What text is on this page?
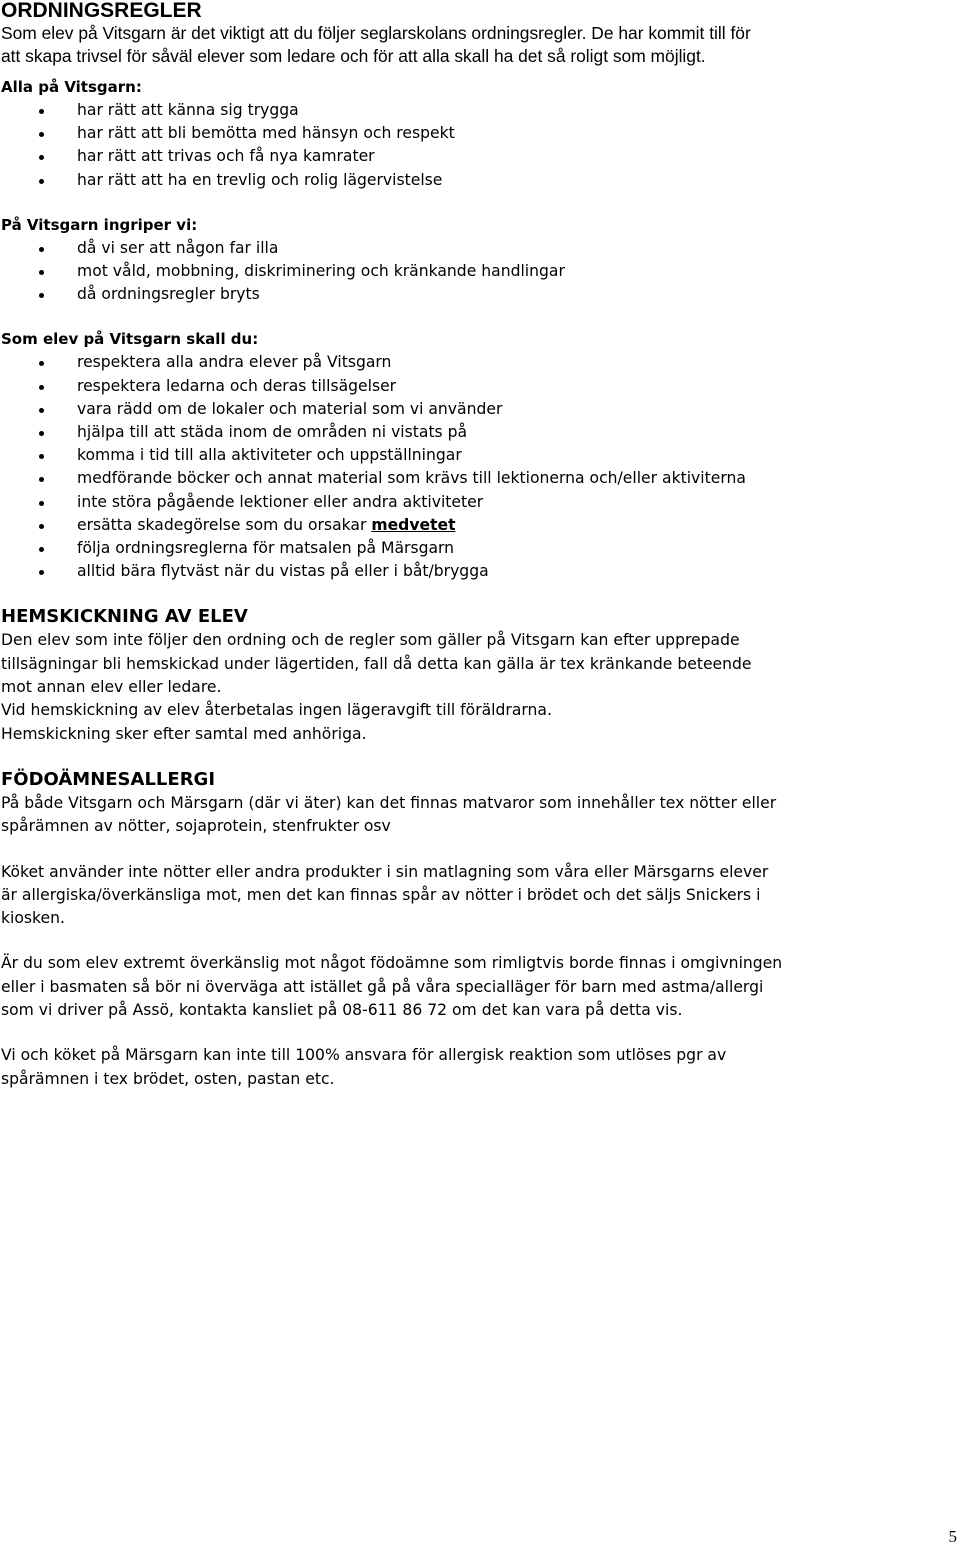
ORDNINGSREGLER
Som elev på Vitsgarn är det viktigt att du följer seglarskolans ordningsregler. De har kommit till för
att skapa trivsel för såväl elever som ledare och för att alla skall ha det så roligt som möjligt.
Alla på Vitsgarn:
har rätt att känna sig trygga
har rätt att bli bemötta med hänsyn och respekt
har rätt att trivas och få nya kamrater
har rätt att ha en trevlig och rolig lägervistelse
På Vitsgarn ingriper vi:
då vi ser att någon far illa
mot våld, mobbning, diskriminering och kränkande handlingar
då ordningsregler bryts
Som elev på Vitsgarn skall du:
respektera alla andra elever på Vitsgarn
respektera ledarna och deras tillsägelser
vara rädd om de lokaler och material som vi använder
hjälpa till att städa inom de områden ni vistats på
komma i tid till alla aktiviteter och uppställningar
medförande böcker och annat material som krävs till lektionerna och/eller aktiviterna
inte störa pågående lektioner eller andra aktiviteter
ersätta skadegörelse som du orsakar medvetet
följa ordningsreglerna för matsalen på Märsgarn
alltid bära flytväst när du vistas på eller i båt/brygga
HEMSKICKNING AV ELEV

Den elev som inte följer den ordning och de regler som gäller på Vitsgarn kan efter upprepade
tillsägningar bli hemskickad under lägertiden, fall då detta kan gälla är tex kränkande beteende
mot annan elev eller ledare.
Vid hemskickning av elev återbetalas ingen lägeravgift till föräldrarna.
Hemskickning sker efter samtal med anhöriga.

FÖDOÄMNESALLERGI

På både Vitsgarn och Märsgarn (där vi äter) kan det finnas matvaror som innehåller tex nötter eller
spårämnen av nötter, sojaprotein, stenfrukter osv

Köket använder inte nötter eller andra produkter i sin matlagning som våra eller Märsgarns elever
är allergiska/överkänsliga mot, men det kan finnas spår av nötter i brödet och det säljs Snickers i
kiosken.

Är du som elev extremt överkänslig mot något födoämne som rimligtvis borde finnas i omgivningen
eller i basmaten så bör ni överväga att istället gå på våra specialläger för barn med astma/allergi
som vi driver på Assö, kontakta kansliet på 08-611 86 72 om det kan vara på detta vis.

Vi och köket på Märsgarn kan inte till 100% ansvara för allergisk reaktion som utlöses pgr av
spårämnen i tex brödet, osten, pastan etc.

5
